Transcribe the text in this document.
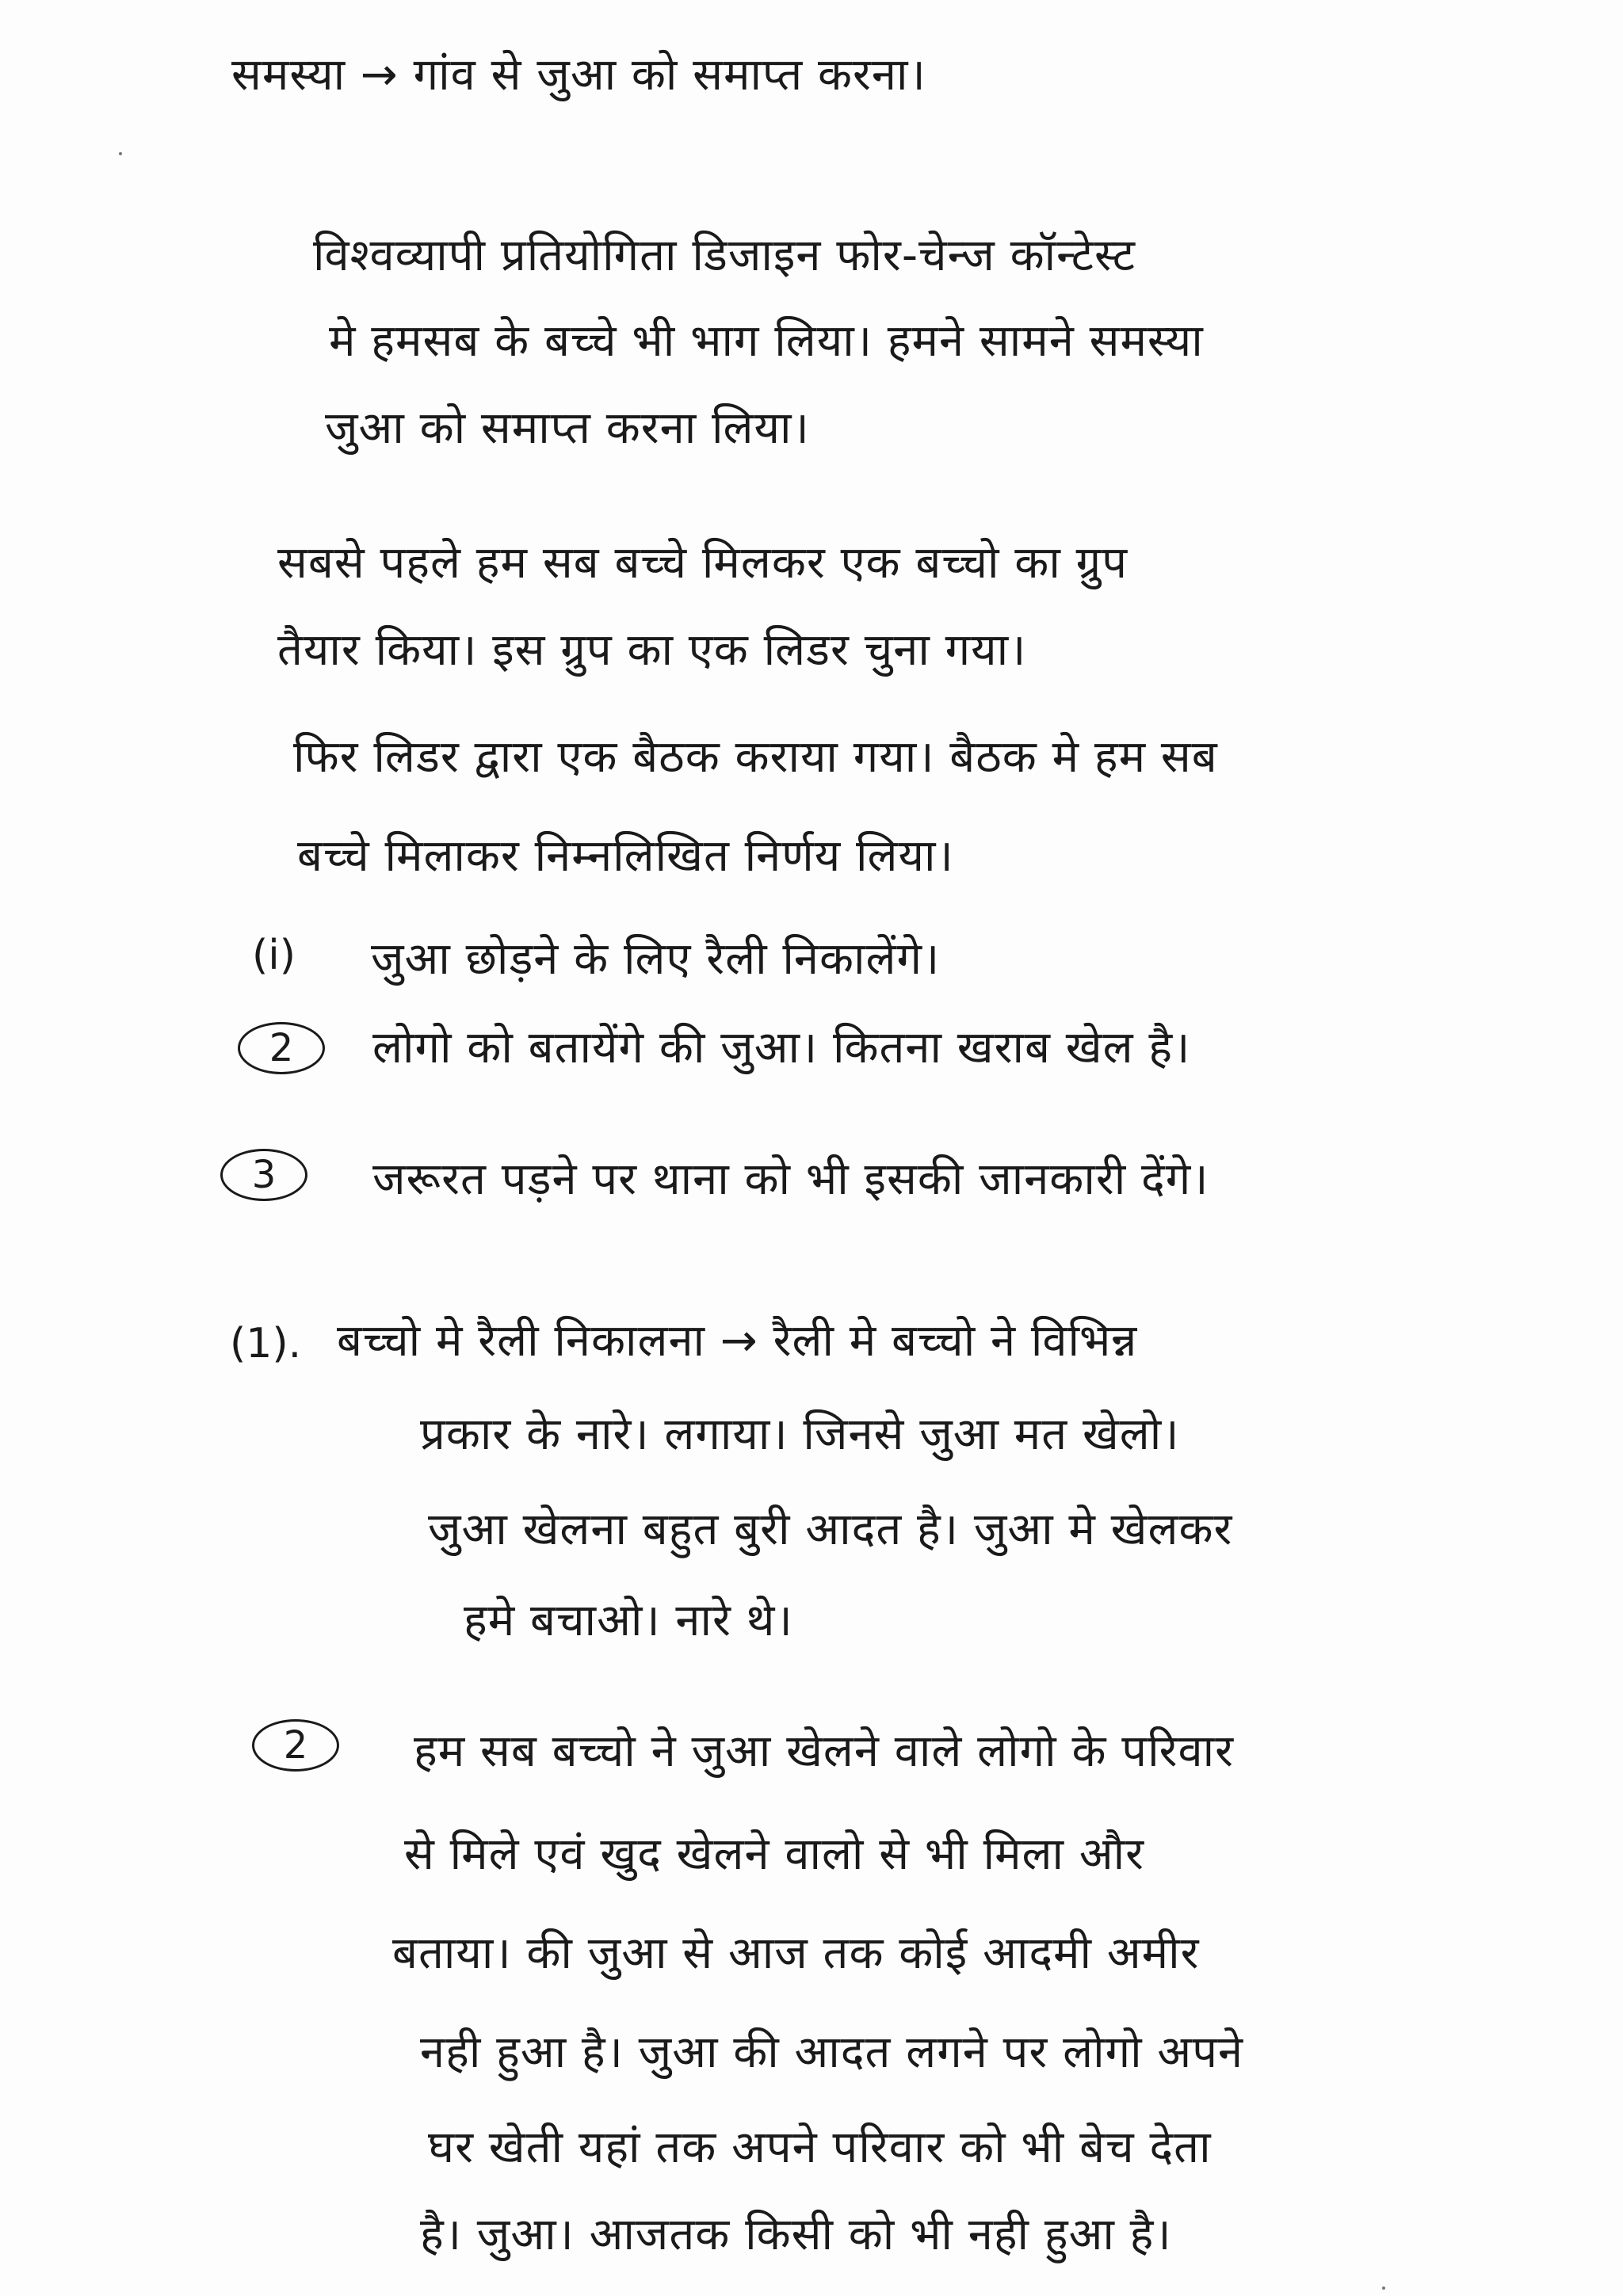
समस्या → गांव से जुआ को समाप्त करना।
विश्वव्यापी प्रतियोगिता डिजाइन फोर-चेन्ज कॉन्टेस्ट
मे हमसब के बच्चे भी भाग लिया। हमने सामने समस्या
जुआ को समाप्त करना लिया।
सबसे पहले हम सब बच्चे मिलकर एक बच्चो का ग्रुप
तैयार किया। इस ग्रुप का एक लिडर चुना गया।
फिर लिडर द्वारा एक बैठक कराया गया। बैठक मे हम सब
बच्चे मिलाकर निम्नलिखित निर्णय लिया।
(i) जुआ छोड़ने के लिए रैली निकालेंगे।
2	लोगो को बतायेंगे की जुआ। कितना खराब खेल है।
3	जरूरत पड़ने पर थाना को भी इसकी जानकारी देंगे।
(1). बच्चो मे रैली निकालना → रैली मे बच्चो ने विभिन्न
प्रकार के नारे। लगाया। जिनसे जुआ मत खेलो।
जुआ खेलना बहुत बुरी आदत है। जुआ मे खेलकर
हमे बचाओ। नारे थे।
2	हम सब बच्चो ने जुआ खेलने वाले लोगो के परिवार
से मिले एवं खुद खेलने वालो से भी मिला और
बताया। की जुआ से आज तक कोई आदमी अमीर
नही हुआ है। जुआ की आदत लगने पर लोगो अपने
घर खेती यहां तक अपने परिवार को भी बेच देता
है। जुआ। आजतक किसी को भी नही हुआ है।
